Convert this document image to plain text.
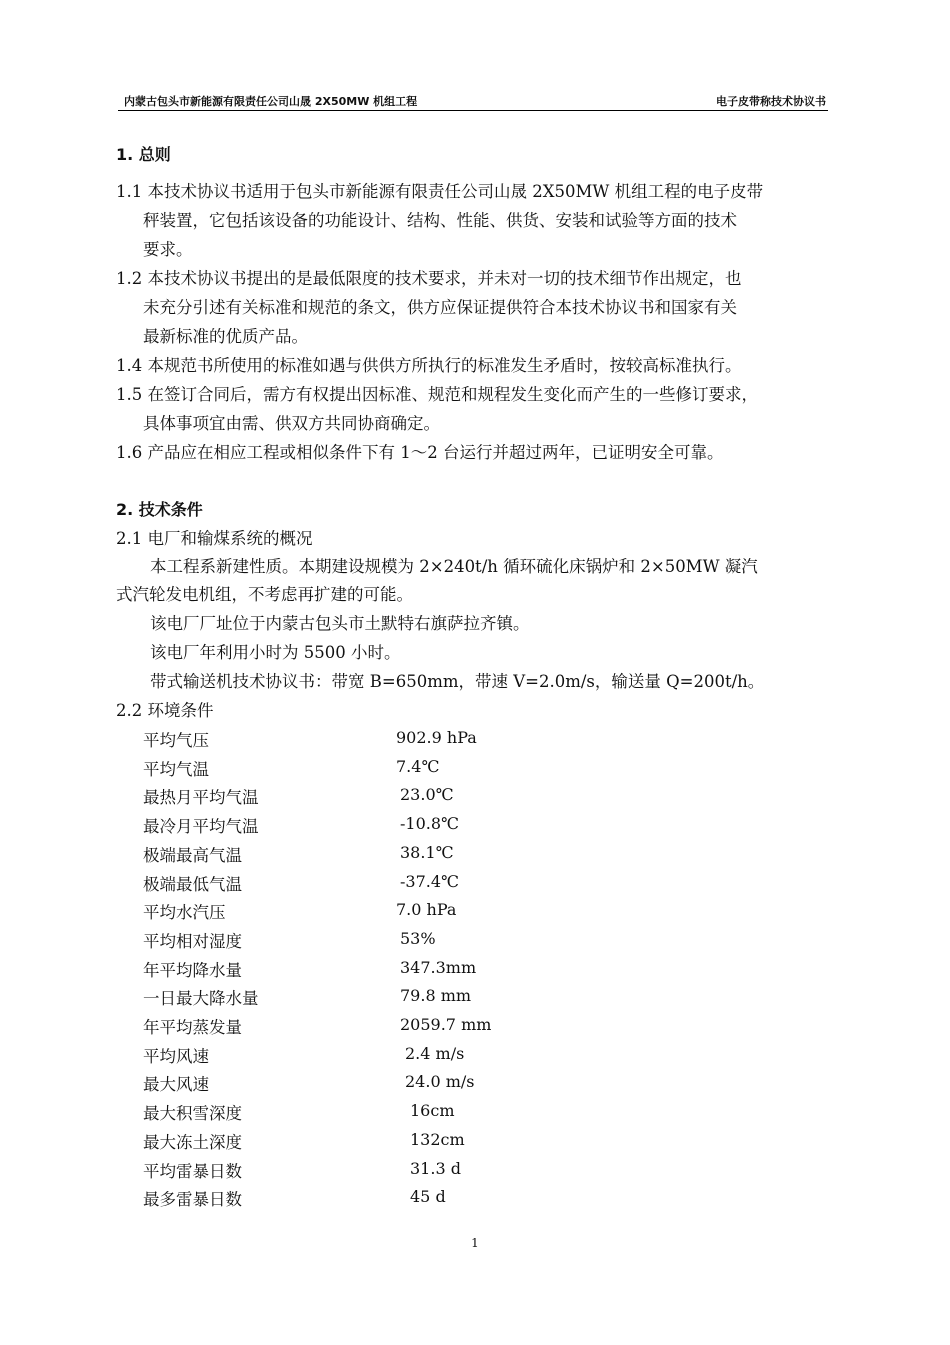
内蒙古包头市新能源有限责任公司山晟 2X50MW 机组工程	电子皮带称技术协议书
1. 总则
1.1 本技术协议书适用于包头市新能源有限责任公司山晟 2X50MW 机组工程的电子皮带
秤装置，它包括该设备的功能设计、结构、性能、供货、安装和试验等方面的技术
要求。
1.2 本技术协议书提出的是最低限度的技术要求，并未对一切的技术细节作出规定，也
未充分引述有关标准和规范的条文，供方应保证提供符合本技术协议书和国家有关
最新标准的优质产品。
1.4 本规范书所使用的标准如遇与供供方所执行的标准发生矛盾时，按较高标准执行。
1.5 在签订合同后，需方有权提出因标准、规范和规程发生变化而产生的一些修订要求，
具体事项宜由需、供双方共同协商确定。
1.6 产品应在相应工程或相似条件下有 1～2 台运行并超过两年，已证明安全可靠。
2. 技术条件
2.1 电厂和输煤系统的概况
本工程系新建性质。本期建设规模为 2×240t/h 循环硫化床锅炉和 2×50MW 凝汽
式汽轮发电机组，不考虑再扩建的可能。
该电厂厂址位于内蒙古包头市土默特右旗萨拉齐镇。
该电厂年利用小时为 5500 小时。
带式输送机技术协议书：带宽 B=650mm，带速 V=2.0m/s，输送量 Q=200t/h。
2.2 环境条件
平均气压	902.9 hPa
平均气温	7.4℃
最热月平均气温	23.0℃
最冷月平均气温	-10.8℃
极端最高气温	38.1℃
极端最低气温	-37.4℃
平均水汽压	7.0 hPa
平均相对湿度	53%
年平均降水量	347.3mm
一日最大降水量	79.8 mm
年平均蒸发量	2059.7 mm
平均风速	2.4 m/s
最大风速	24.0 m/s
最大积雪深度	16cm
最大冻土深度	132cm
平均雷暴日数	31.3 d
最多雷暴日数	45 d
1
